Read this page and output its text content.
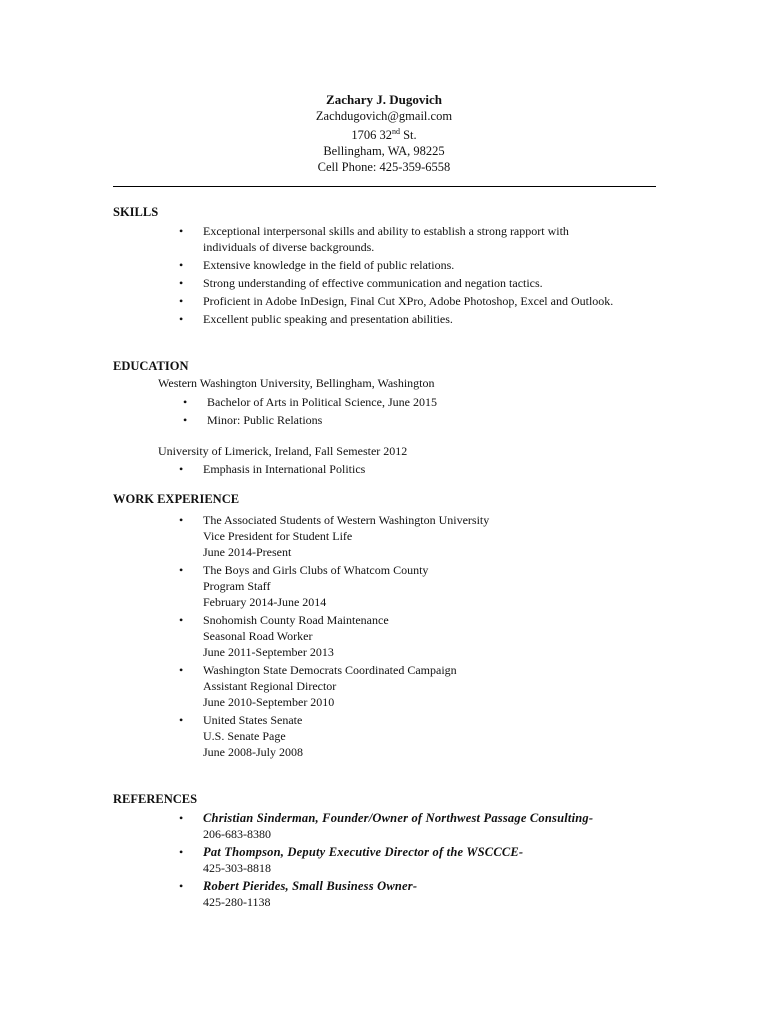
Zachary J. Dugovich
Zachdugovich@gmail.com
1706 32nd St.
Bellingham, WA, 98225
Cell Phone: 425-359-6558
SKILLS
• Exceptional interpersonal skills and ability to establish a strong rapport with individuals of diverse backgrounds.
• Extensive knowledge in the field of public relations.
• Strong understanding of effective communication and negation tactics.
• Proficient in Adobe InDesign, Final Cut XPro, Adobe Photoshop, Excel and Outlook.
• Excellent public speaking and presentation abilities.
EDUCATION
Western Washington University, Bellingham, Washington
• Bachelor of Arts in Political Science, June 2015
• Minor: Public Relations
University of Limerick, Ireland, Fall Semester 2012
• Emphasis in International Politics
WORK EXPERIENCE
• The Associated Students of Western Washington University
Vice President for Student Life
June 2014-Present
• The Boys and Girls Clubs of Whatcom County
Program Staff
February 2014-June 2014
• Snohomish County Road Maintenance
Seasonal Road Worker
June 2011-September 2013
• Washington State Democrats Coordinated Campaign
Assistant Regional Director
June 2010-September 2010
• United States Senate
U.S. Senate Page
June 2008-July 2008
REFERENCES
• Christian Sinderman, Founder/Owner of Northwest Passage Consulting-
206-683-8380
• Pat Thompson, Deputy Executive Director of the WSCCCE-
425-303-8818
• Robert Pierides, Small Business Owner-
425-280-1138
